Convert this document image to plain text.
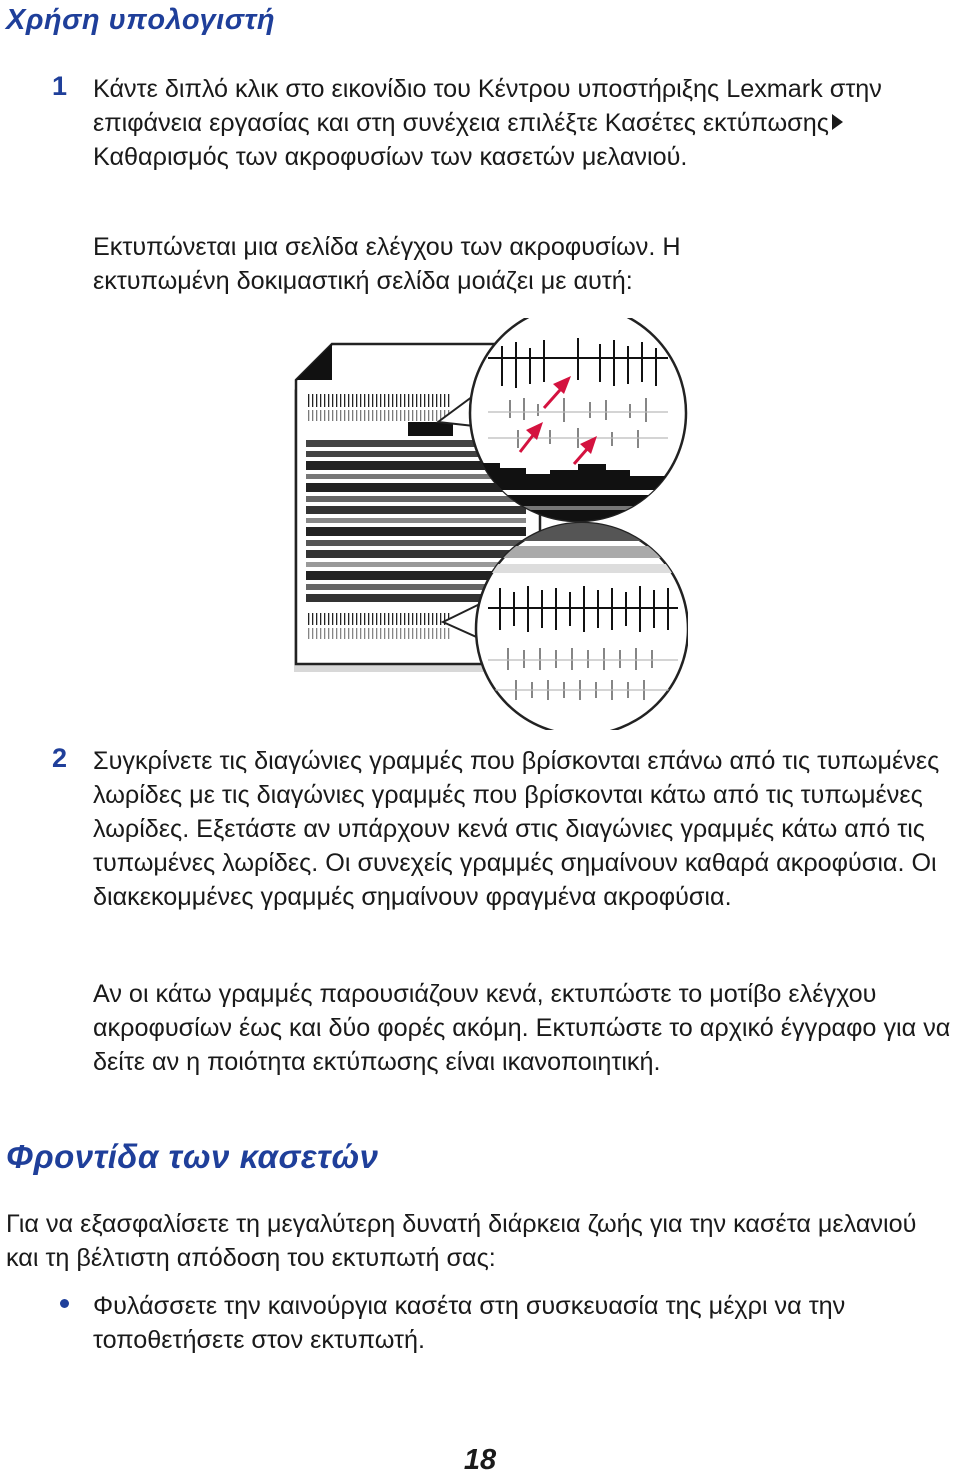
Χρήση υπολογιστή
1 Κάντε διπλό κλικ στο εικονίδιο του Κέντρου υποστήριξης Lexmark στην επιφάνεια εργασίας και στη συνέχεια επιλέξτε Κασέτες εκτύπωσηςΚαθαρισμός των ακροφυσίων των κασετών μελανιού.

Εκτυπώνεται μια σελίδα ελέγχου των ακροφυσίων. Η εκτυπωμένη δοκιμαστική σελίδα μοιάζει με αυτή:

2 Συγκρίνετε τις διαγώνιες γραμμές που βρίσκονται επάνω από τις τυπωμένες λωρίδες με τις διαγώνιες γραμμές που βρίσκονται κάτω από τις τυπωμένες λωρίδες. Εξετάστε αν υπάρχουν κενά στις διαγώνιες γραμμές κάτω από τις τυπωμένες λωρίδες. Οι συνεχείς γραμμές σημαίνουν καθαρά ακροφύσια. Οι διακεκομμένες γραμμές σημαίνουν φραγμένα ακροφύσια.

Αν οι κάτω γραμμές παρουσιάζουν κενά, εκτυπώστε το μοτίβο ελέγχου ακροφυσίων έως και δύο φορές ακόμη. Εκτυπώστε το αρχικό έγγραφο για να δείτε αν η ποιότητα εκτύπωσης είναι ικανοποιητική.

Φροντίδα των κασετών

Για να εξασφαλίσετε τη μεγαλύτερη δυνατή διάρκεια ζωής για την κασέτα μελανιού και τη βέλτιστη απόδοση του εκτυπωτή σας:

Φυλάσσετε την καινούργια κασέτα στη συσκευασία της μέχρι να την τοποθετήσετε στον εκτυπωτή.

18
